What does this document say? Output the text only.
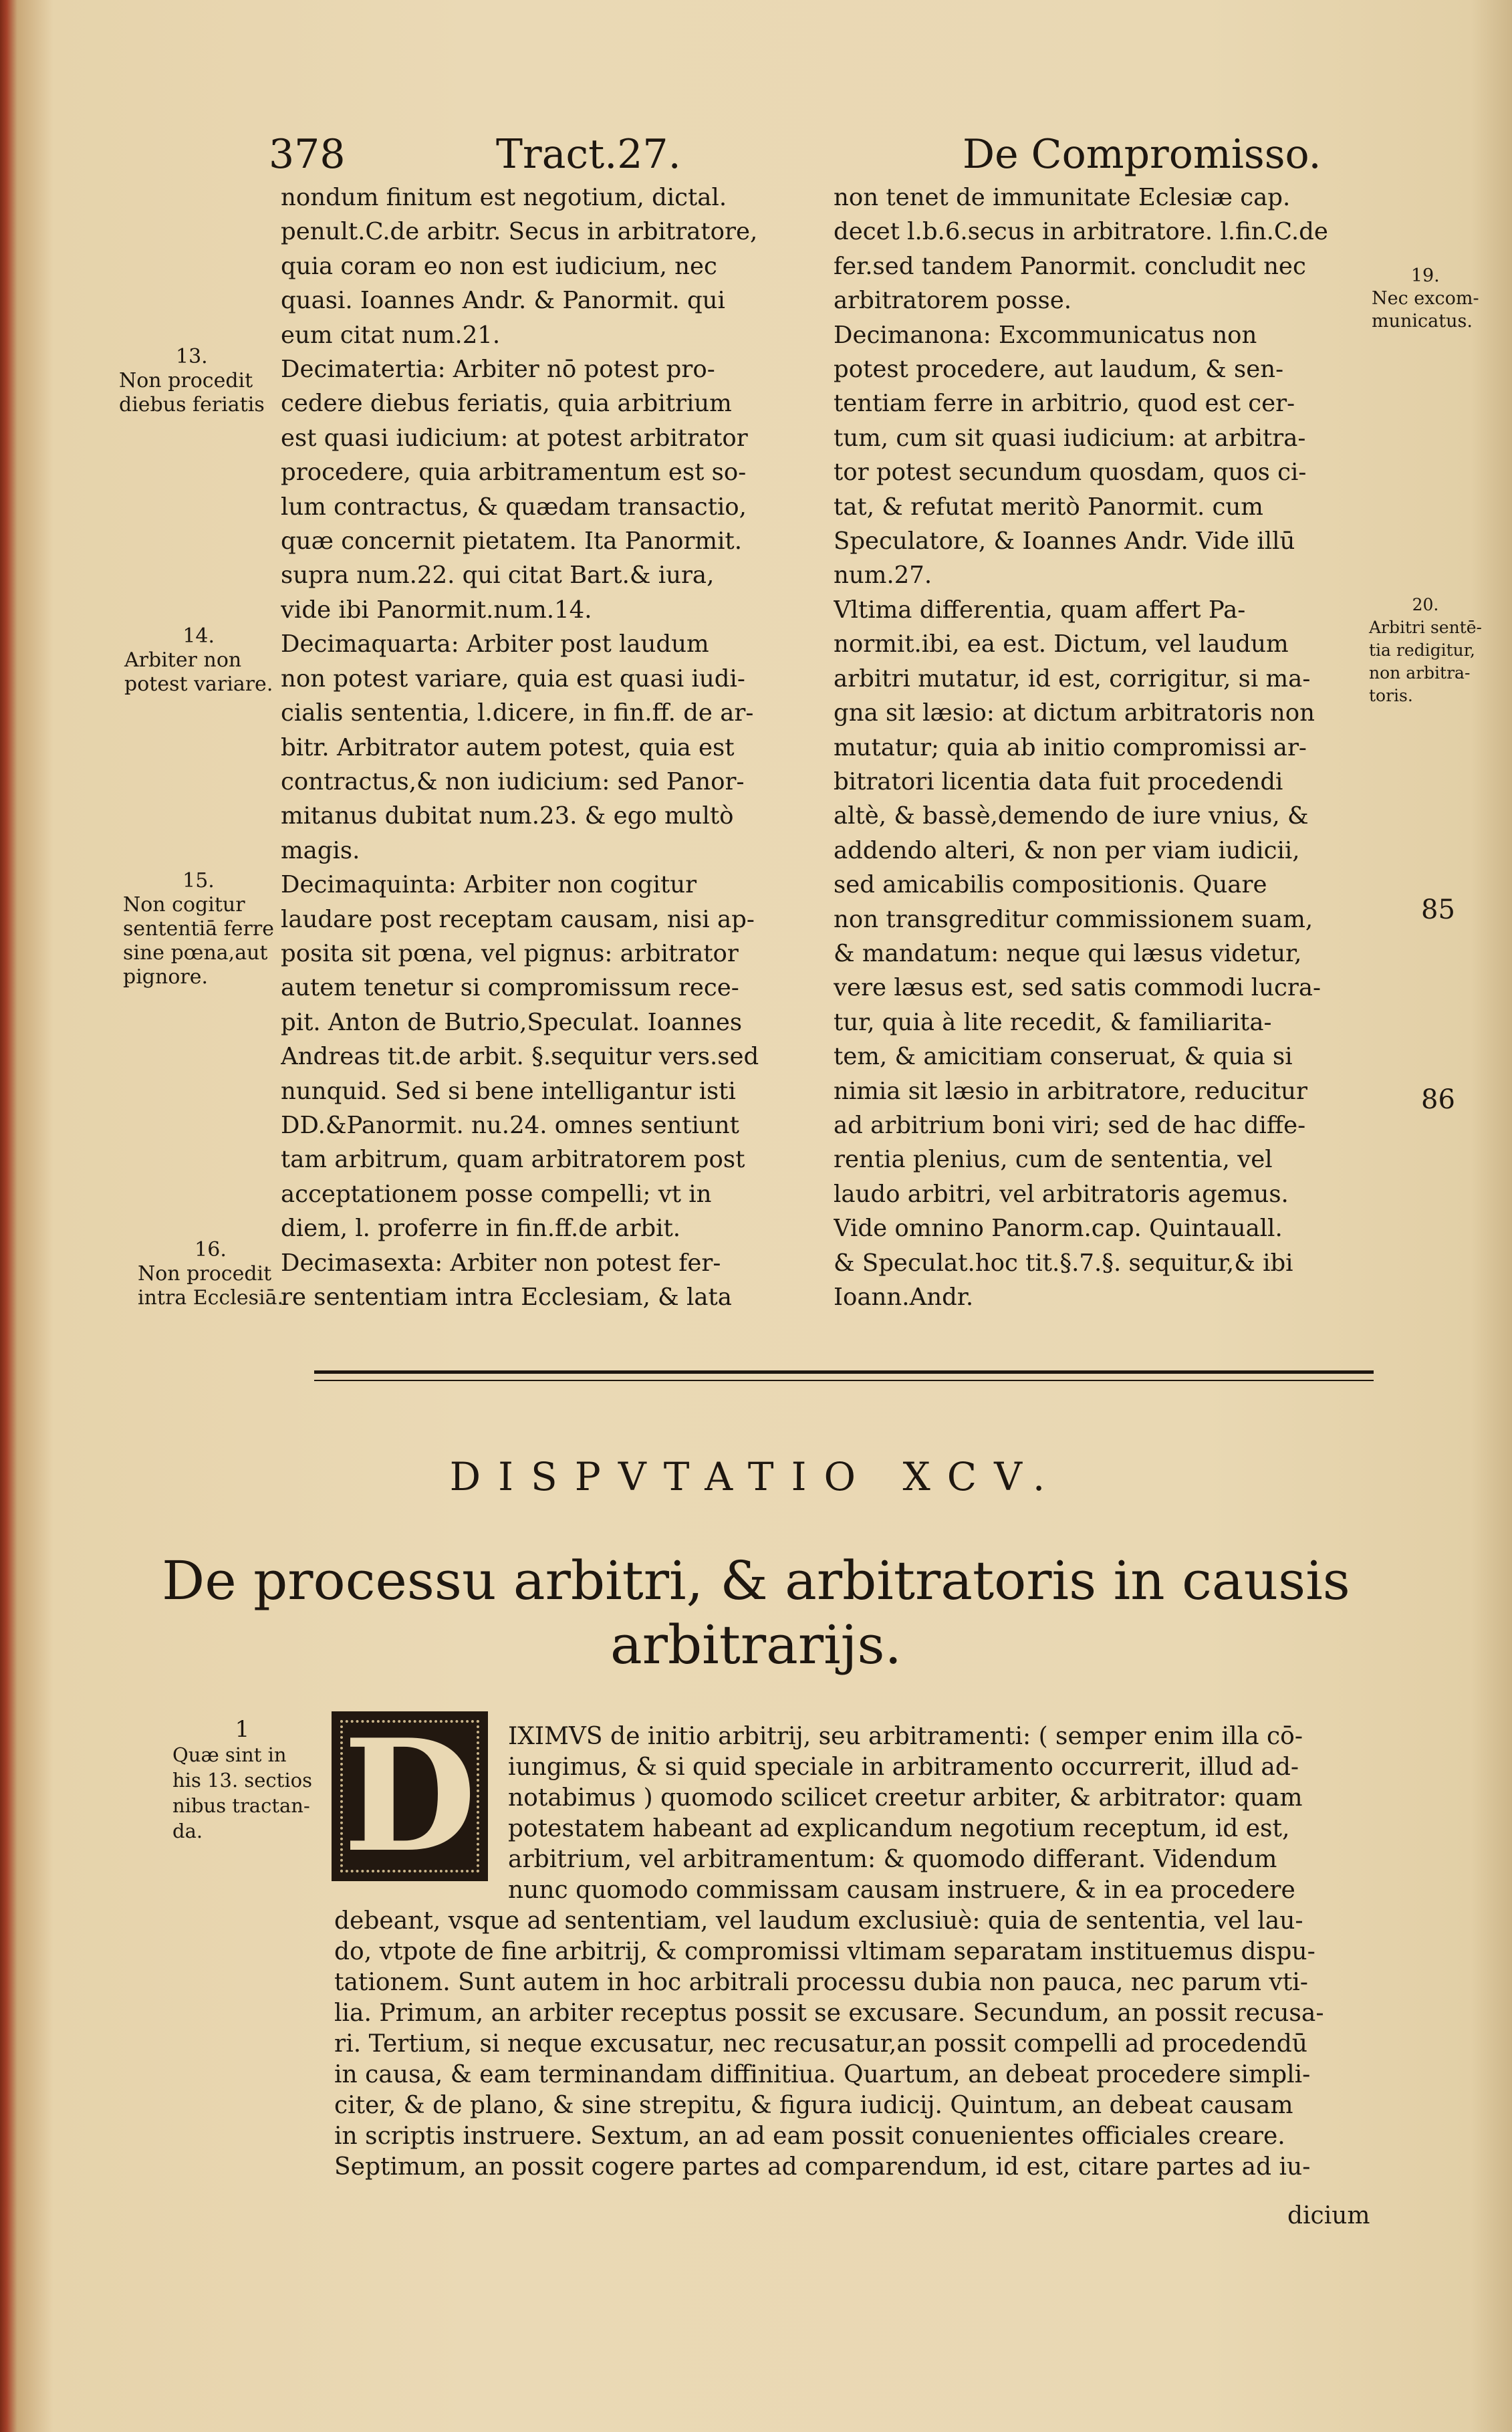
378	Tract.27.	De Compromisso.
nondum finitum est negotium, dictal.
penult.C.de arbitr. Secus in arbitratore,
quia coram eo non est iudicium, nec
quasi. Ioannes Andr. & Panormit. qui
eum citat num.21.
Decimatertia: Arbiter nō potest pro-
cedere diebus feriatis, quia arbitrium
est quasi iudicium: at potest arbitrator
procedere, quia arbitramentum est so-
lum contractus, & quædam transactio,
quæ concernit pietatem. Ita Panormit.
supra num.22. qui citat Bart.& iura,
vide ibi Panormit.num.14.
Decimaquarta: Arbiter post laudum
non potest variare, quia est quasi iudi-
cialis sententia, l.dicere, in fin.ff. de ar-
bitr. Arbitrator autem potest, quia est
contractus,& non iudicium: sed Panor-
mitanus dubitat num.23. & ego multò
magis.
Decimaquinta: Arbiter non cogitur
laudare post receptam causam, nisi ap-
posita sit pœna, vel pignus: arbitrator
autem tenetur si compromissum rece-
pit. Anton de Butrio,Speculat. Ioannes
Andreas tit.de arbit. §.sequitur vers.sed
nunquid. Sed si bene intelligantur isti
DD.&Panormit. nu.24. omnes sentiunt
tam arbitrum, quam arbitratorem post
acceptationem posse compelli; vt in
diem, l. proferre in fin.ff.de arbit.
Decimasexta: Arbiter non potest fer-
re sententiam intra Ecclesiam, & lata
non tenet de immunitate Eclesiæ cap.
decet l.b.6.secus in arbitratore. l.fin.C.de
fer.sed tandem Panormit. concludit nec
arbitratorem posse.
Decimanona: Excommunicatus non
potest procedere, aut laudum, & sen-
tentiam ferre in arbitrio, quod est cer-
tum, cum sit quasi iudicium: at arbitra-
tor potest secundum quosdam, quos ci-
tat, & refutat meritò Panormit. cum
Speculatore, & Ioannes Andr. Vide illū
num.27.
Vltima differentia, quam affert Pa-
normit.ibi, ea est. Dictum, vel laudum
arbitri mutatur, id est, corrigitur, si ma-
gna sit læsio: at dictum arbitratoris non
mutatur; quia ab initio compromissi ar-
bitratori licentia data fuit procedendi
altè, & bassè,demendo de iure vnius, &
addendo alteri, & non per viam iudicii,
sed amicabilis compositionis. Quare
non transgreditur commissionem suam,
& mandatum: neque qui læsus videtur,
vere læsus est, sed satis commodi lucra-
tur, quia à lite recedit, & familiarita-
tem, & amicitiam conseruat, & quia si
nimia sit læsio in arbitratore, reducitur
ad arbitrium boni viri; sed de hac diffe-
rentia plenius, cum de sententia, vel
laudo arbitri, vel arbitratoris agemus.
Vide omnino Panorm.cap. Quintauall.
& Speculat.hoc tit.§.7.§. sequitur,& ibi
Ioann.Andr.
13.
Non procedit
diebus feriatis
14.
Arbiter non
potest variare.
15.
Non cogitur
sententiā ferre
sine pœna,aut
pignore.
16.
Non procedit
intra Ecclesiā.
19.
Nec excom-
municatus.
20.
Arbitri sentē-
tia redigitur,
non arbitra-
toris.
85
86
DISPVTATIO XCV.
De processu arbitri, & arbitratoris in causis
arbitrarijs.
1
Quæ sint in
his 13. sectios
nibus tractan-
da. D	IXIMVS de initio arbitrij, seu arbitramenti: ( semper enim illa cō-
iungimus, & si quid speciale in arbitramento occurrerit, illud ad-
notabimus ) quomodo scilicet creetur arbiter, & arbitrator: quam
potestatem habeant ad explicandum negotium receptum, id est,
arbitrium, vel arbitramentum: & quomodo differant. Videndum
nunc quomodo commissam causam instruere, & in ea procedere
debeant, vsque ad sententiam, vel laudum exclusiuè: quia de sententia, vel lau-
do, vtpote de fine arbitrij, & compromissi vltimam separatam instituemus dispu-
tationem. Sunt autem in hoc arbitrali processu dubia non pauca, nec parum vti-
lia. Primum, an arbiter receptus possit se excusare. Secundum, an possit recusa-
ri. Tertium, si neque excusatur, nec recusatur,an possit compelli ad procedendū
in causa, & eam terminandam diffinitiua. Quartum, an debeat procedere simpli-
citer, & de plano, & sine strepitu, & figura iudicij. Quintum, an debeat causam
in scriptis instruere. Sextum, an ad eam possit conuenientes officiales creare.
Septimum, an possit cogere partes ad comparendum, id est, citare partes ad iu-
dicium
